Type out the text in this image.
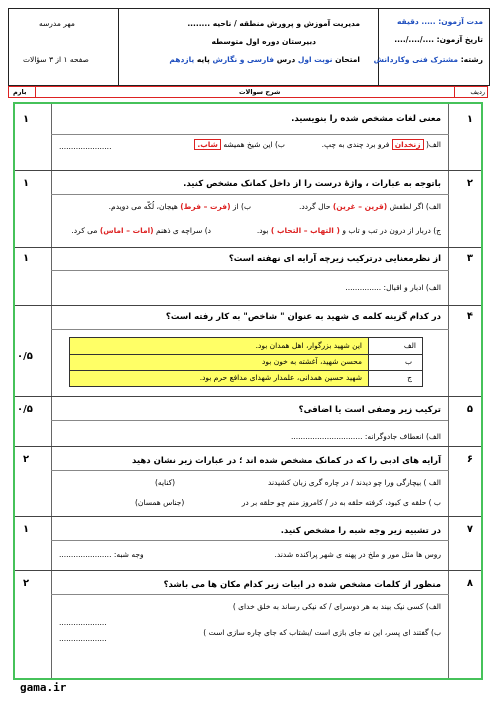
مهر مدرسه
صفحه ۱ از ۳ سؤالات
مدیریت آموزش و پرورش منطقه / ناحیه ........
دبیرستان دوره اول متوسطه
امتحان نوبت اول درس فارسی و نگارش پایه یازدهم
مدت آزمون: ..... دقیقه
تاریخ آزمون: ..../..../....
رشته: مشترک فنی وکاردانش
ردیف
شرح سوالات
بارم
۱
۱	معنی لغات مشخص شده را بنویسید.
الف( زنخدان فرو برد چندی به چپ.
ب) این شیخ همیشه شاب.
......................
۲
۱	باتوجه به عبارات ، واژهٔ درست را از داخل کمانک مشخص کنید.
الف) اگر لطفش (قرین – غرین) حال گردد.
ب) از (فرت – فرط) هیجان، لُکّه می دویدم.
ج) دربار از درون در تب و تاب و ( التهاب – التحاب ) بود.
د) سراچه ی ذهنم (امات – اماس) می کرد.
۳
۱	از نظرمعنایی درترکیب زیرچه آرایه ای نهفته است؟
الف) ادبار و اقبال: ...............
۴
۰/۵
در کدام گزینه کلمه ی شهید به عنوان " شاخص" به کار رفته است؟
الف
این شهید بزرگوار، اهل همدان بود.
ب
محسن شهید، آغشته به خون بود
ج
شهید حسین همدانی، علمدار شهدای مدافع حرم بود.
۵
۰/۵	ترکیب زیر وصفی است یا اضافی؟
الف) انعطاف جادوگرانه: ..............................
۶
۲	آرایه های ادبی را که در کمانک مشخص شده اند ؛ در عبارات زیر نشان دهید
الف ) بیچارگی ورا چو دیدند / در چاره گری زبان کشیدند
(کنایه)
ب ) حلقه ی کبود، کرفته حلقه به در / کامروز منم چو حلقه بر در
(جناس همسان)
۷
۱	در تشبیه زیر وجه شبه را مشخص کنید.
روس ها مثل مور و ملخ در پهنه ی شهر پراکنده شدند.
وجه شبه: ......................
۸
۲	منظور از کلمات مشخص شده در ابیات زیر کدام مکان ها می باشد؟
الف) کسی نیک بیند به هر دوسرای / که نیکی رساند به خلق خدای )
....................
ب) گفتند ای پسر، این نه جای بازی است /بشتاب که جای چاره سازی است )
....................
gama.ir
